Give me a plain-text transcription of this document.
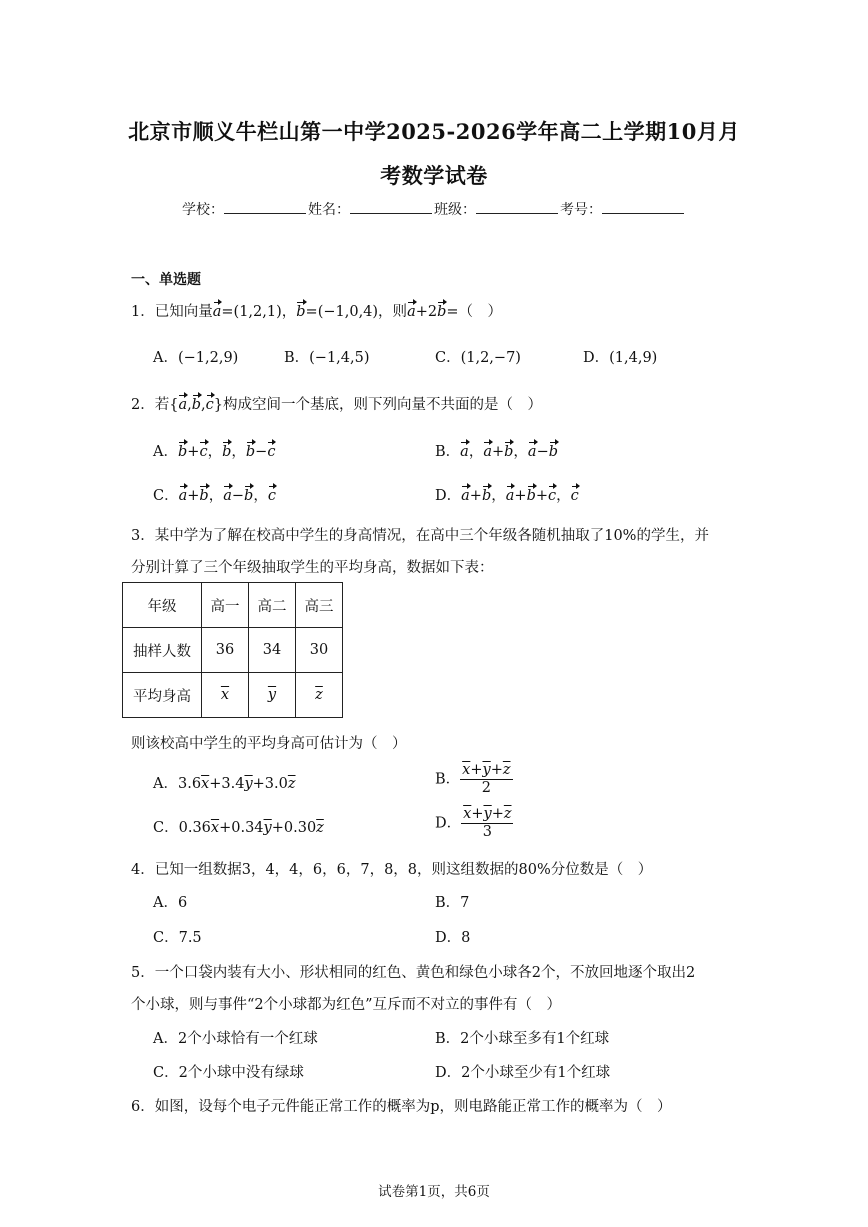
北京市顺义牛栏山第一中学2025-2026学年高二上学期10月月
考数学试卷
学校：	姓名：	班级：	考号：
一、单选题
1．已知向量a=(1,2,1)，b=(−1,0,4)，则a+2b=（　）
A．(−1,2,9)	B．(−1,4,5)	C．(1,2,−7)	D．(1,4,9)
2．若{a,b,c}构成空间一个基底，则下列向量不共面的是（　）
A．b+c，b，b−c	B．a，a+b，a−b
C．a+b，a−b，c	D．a+b，a+b+c，c
3．某中学为了解在校高中学生的身高情况，在高中三个年级各随机抽取了10%的学生，并
分别计算了三个年级抽取学生的平均身高，数据如下表：
年级	高一	高二	高三
抽样人数	36	34	30
平均身高	$\overline{x}$	$\overline{y}$	$\overline{z}$
则该校高中学生的平均身高可估计为（　）
A．$3.6\overline{x}+3.4\overline{y}+3.0\overline{z}$	B． $\frac{\overline{x}+\overline{y}+\overline{z}}{2}$
C．$0.36\overline{x}+0.34\overline{y}+0.30\overline{z}$	D． $\frac{\overline{x}+\overline{y}+\overline{z}}{3}$
4．已知一组数据3，4，4，6，6，7，8，8，则这组数据的80%分位数是（　）
A．6	B．7
C．7.5	D．8
5．一个口袋内装有大小、形状相同的红色、黄色和绿色小球各2个，不放回地逐个取出2
个小球，则与事件“2个小球都为红色”互斥而不对立的事件有（　）
A．2个小球恰有一个红球	B．2个小球至多有1个红球
C．2个小球中没有绿球	D．2个小球至少有1个红球
6．如图，设每个电子元件能正常工作的概率为p，则电路能正常工作的概率为（　）
试卷第1页，共6页
